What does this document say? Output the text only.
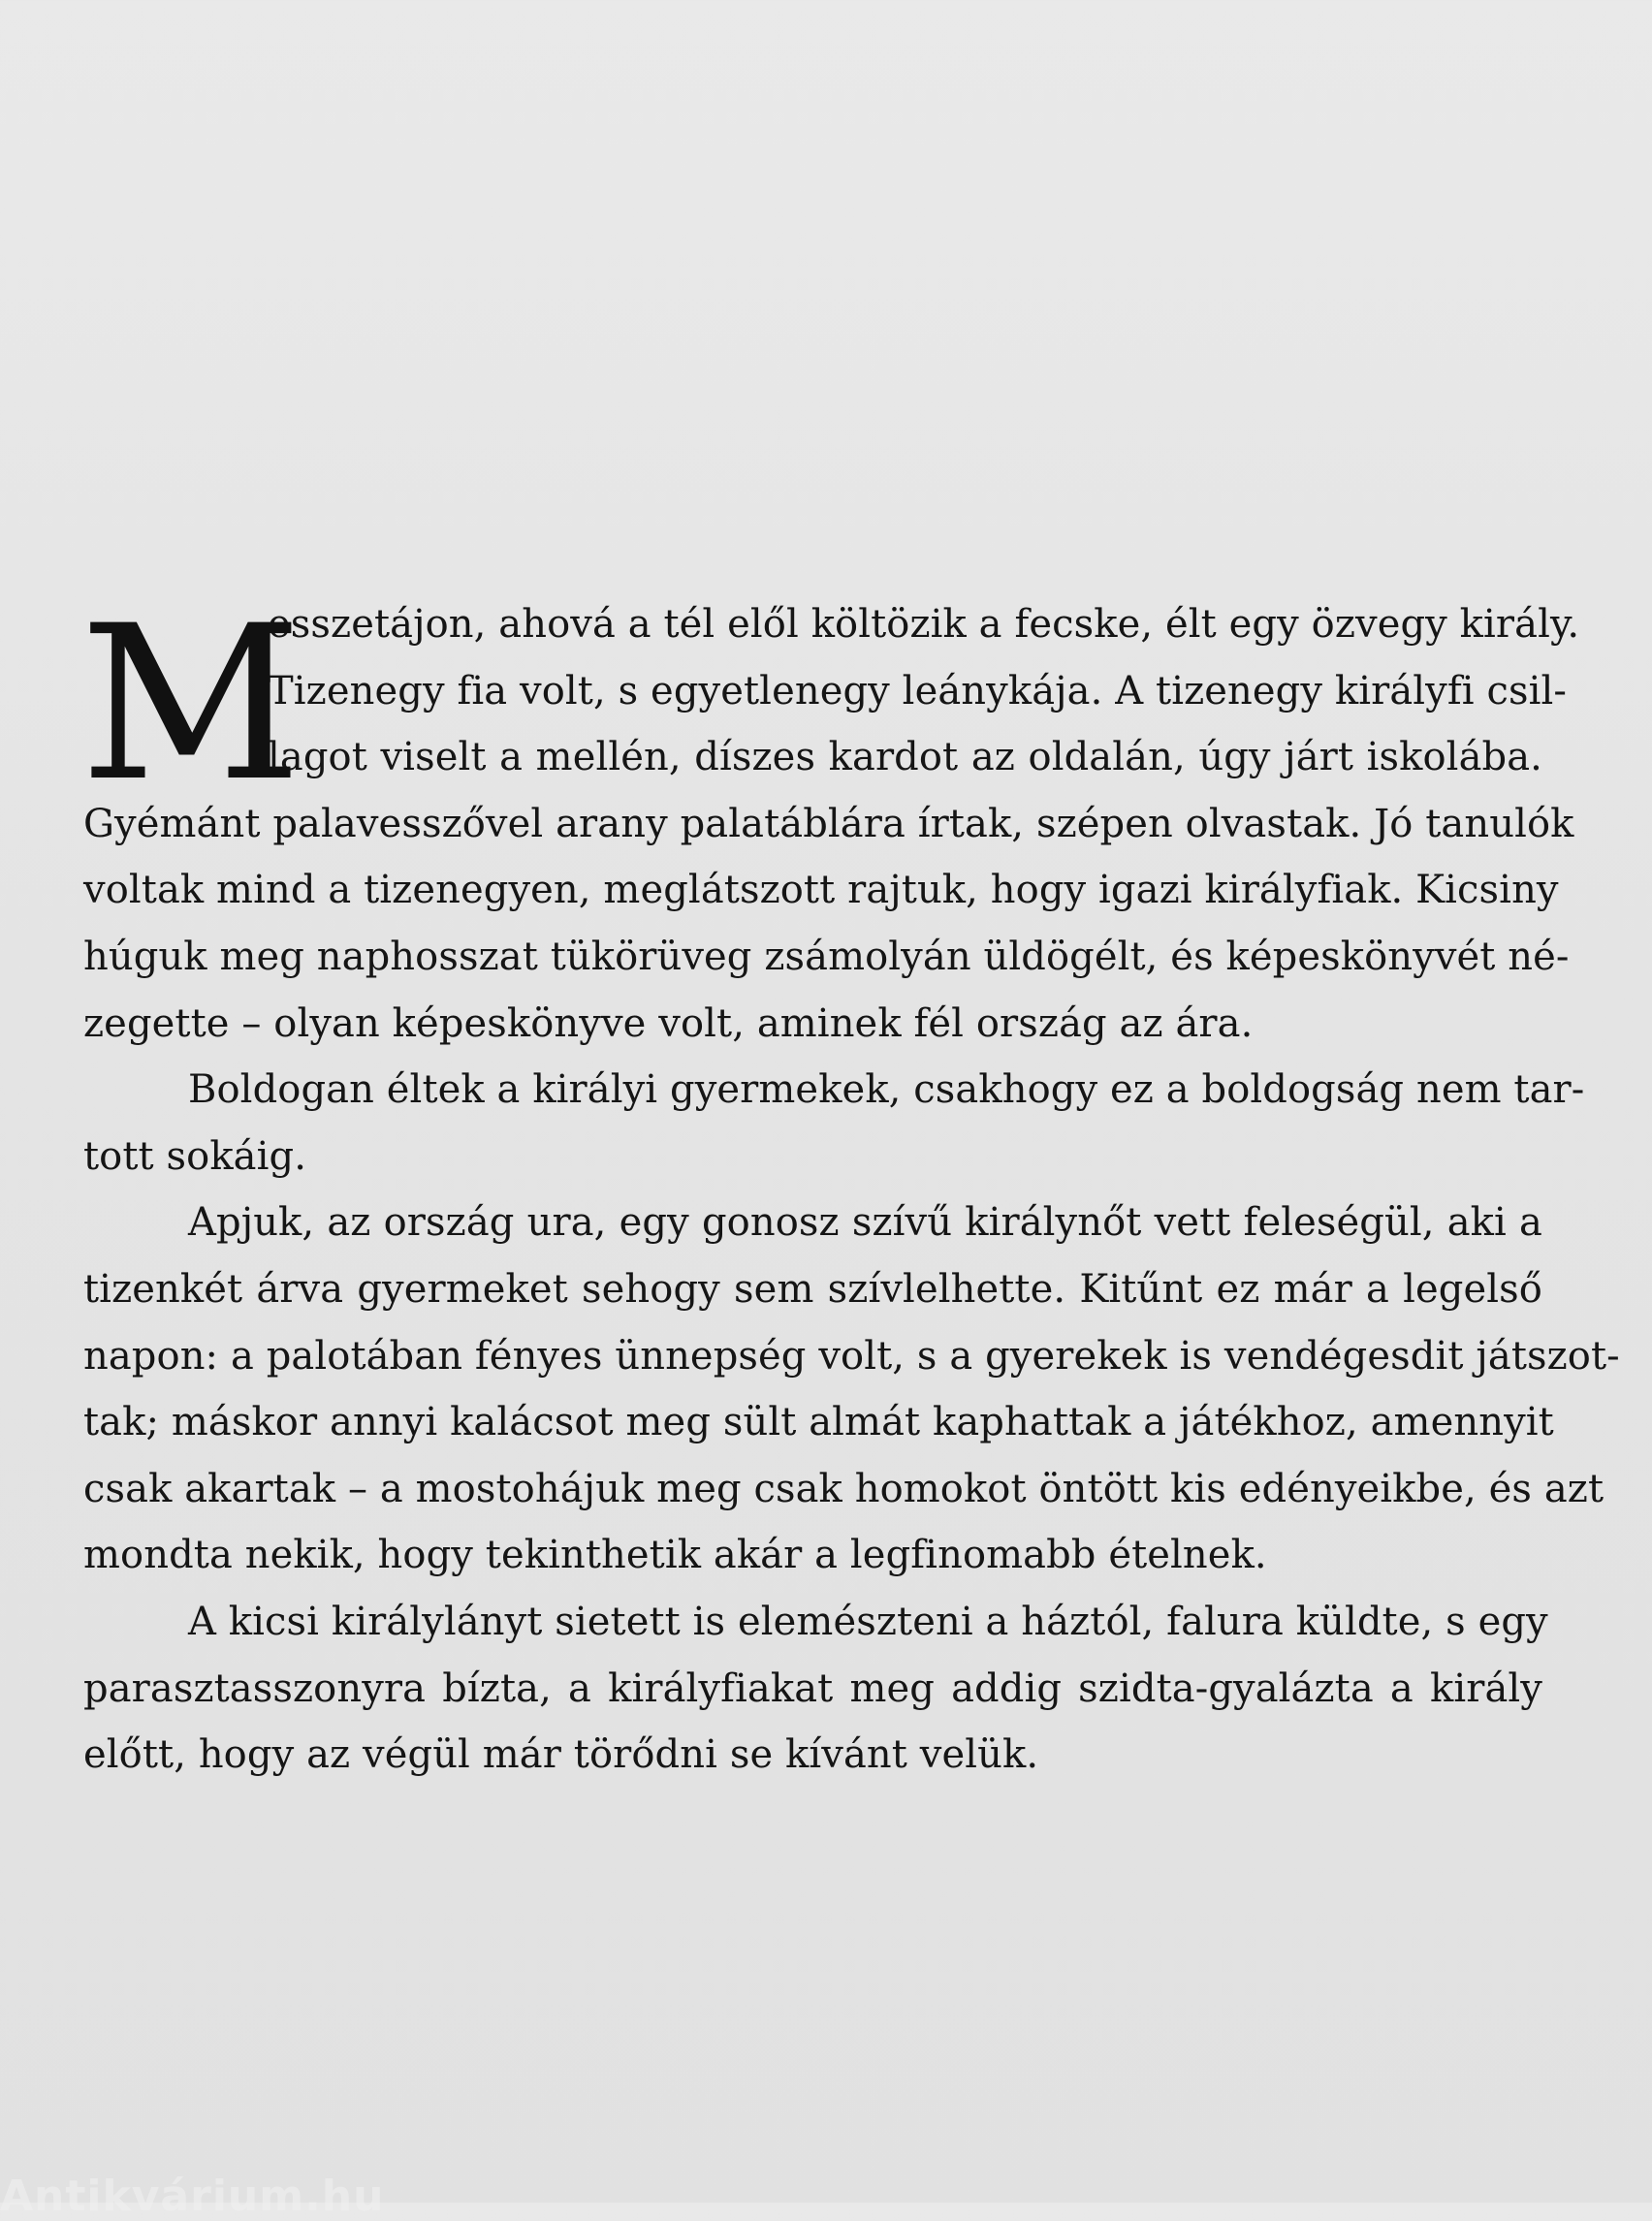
M
esszetájon, ahová a tél elől költözik a fecske, élt egy özvegy király.
Tizenegy fia volt, s egyetlenegy leánykája. A tizenegy királyfi csil-
lagot viselt a mellén, díszes kardot az oldalán, úgy járt iskolába.
Gyémánt palavesszővel arany palatáblára írtak, szépen olvastak. Jó tanulók
voltak mind a tizenegyen, meglátszott rajtuk, hogy igazi királyfiak. Kicsiny
húguk meg naphosszat tükörüveg zsámolyán üldögélt, és képeskönyvét né-
zegette – olyan képeskönyve volt, aminek fél ország az ára.
Boldogan éltek a királyi gyermekek, csakhogy ez a boldogság nem tar-
tott sokáig.
Apjuk, az ország ura, egy gonosz szívű királynőt vett feleségül, aki a
tizenkét árva gyermeket sehogy sem szívlelhette. Kitűnt ez már a legelső
napon: a palotában fényes ünnepség volt, s a gyerekek is vendégesdit játszot-
tak; máskor annyi kalácsot meg sült almát kaphattak a játékhoz, amennyit
csak akartak – a mostohájuk meg csak homokot öntött kis edényeikbe, és azt
mondta nekik, hogy tekinthetik akár a legfinomabb ételnek.
A kicsi királylányt sietett is elemészteni a háztól, falura küldte, s egy
parasztasszonyra bízta, a királyfiakat meg addig szidta-gyalázta a király
előtt, hogy az végül már törődni se kívánt velük.
Antikvárium.hu
